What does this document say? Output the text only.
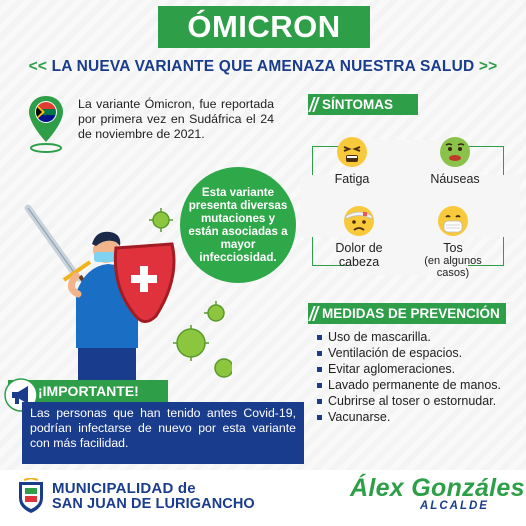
ÓMICRON
<< LA NUEVA VARIANTE QUE AMENAZA NUESTRA SALUD >>
La variante Ómicron, fue reportada por primera vez en Sudáfrica el 24 de noviembre de 2021.
Esta variante presenta diversas mutaciones y están asociadas a mayor infecciosidad.
SÍNTOMAS
Fatiga	Náuseas
Dolor de cabeza
Tos
(en algunos casos)
MEDIDAS DE PREVENCIÓN
Uso de mascarilla.
Ventilación de espacios.
Evitar aglomeraciones.
Lavado permanente de manos.
Cubrirse al toser o estornudar.
Vacunarse.
¡IMPORTANTE!
Las personas que han tenido antes Covid-19, podrían infectarse de nuevo por esta variante con más facilidad.
MUNICIPALIDAD de
SAN JUAN DE LURIGANCHO
Álex Gonzáles
ALCALDE
